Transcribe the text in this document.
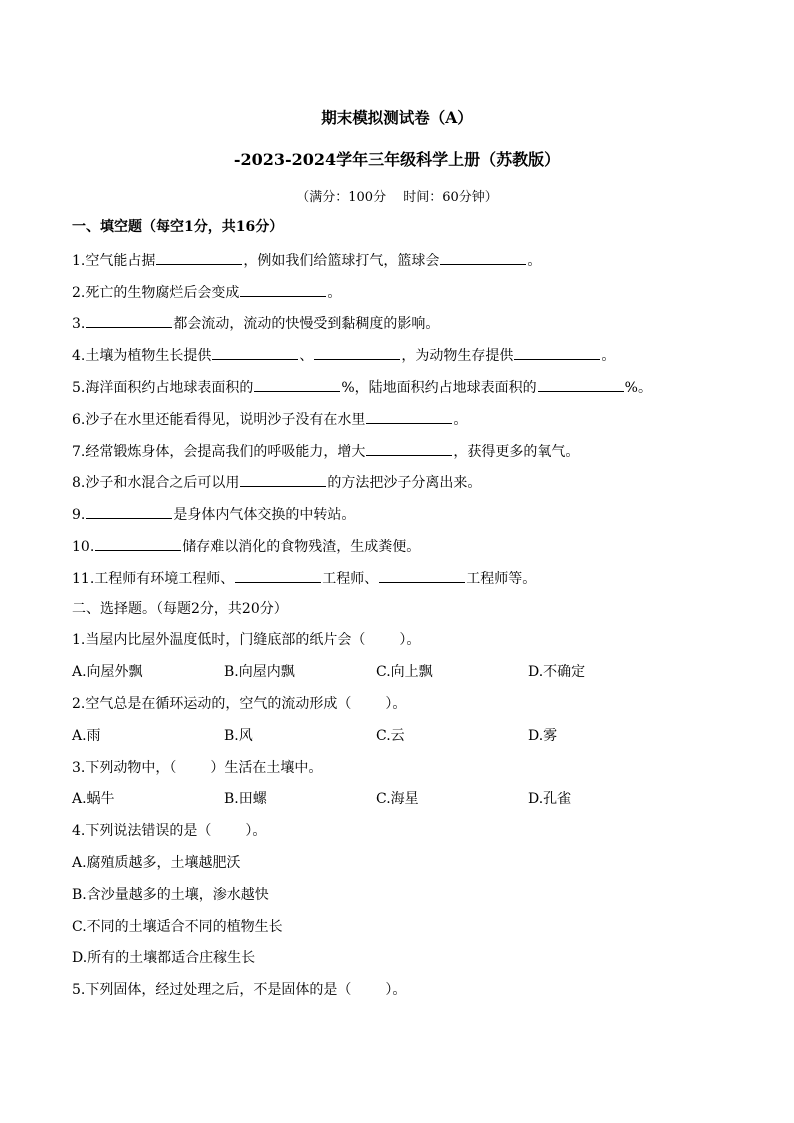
期末模拟测试卷（A）
-2023-2024学年三年级科学上册（苏教版）
（满分：100分　 时间：60分钟）
一、填空题（每空1分，共16分）
1.空气能占据	，例如我们给篮球打气，篮球会	。
2.死亡的生物腐烂后会变成	。
3.	都会流动，流动的快慢受到黏稠度的影响。
4.土壤为植物生长提供	、	，为动物生存提供	。
5.海洋面积约占地球表面积的	%，陆地面积约占地球表面积的	%。
6.沙子在水里还能看得见，说明沙子没有在水里	。
7.经常锻炼身体，会提高我们的呼吸能力，增大	，获得更多的氧气。
8.沙子和水混合之后可以用	的方法把沙子分离出来。
9.	是身体内气体交换的中转站。
10.	储存难以消化的食物残渣，生成粪便。
11.工程师有环境工程师、	工程师、	工程师等。
二、选择题。（每题2分，共20分）
1.当屋内比屋外温度低时，门缝底部的纸片会（ ）。
A.向屋外飘	B.向屋内飘	C.向上飘	D.不确定
2.空气总是在循环运动的，空气的流动形成（ ）。
A.雨	B.风	C.云	D.雾
3.下列动物中，（ ）生活在土壤中。
A.蜗牛	B.田螺	C.海星	D.孔雀
4.下列说法错误的是（ ）。
A.腐殖质越多，土壤越肥沃
B.含沙量越多的土壤，渗水越快
C.不同的土壤适合不同的植物生长
D.所有的土壤都适合庄稼生长
5.下列固体，经过处理之后，不是固体的是（ ）。
